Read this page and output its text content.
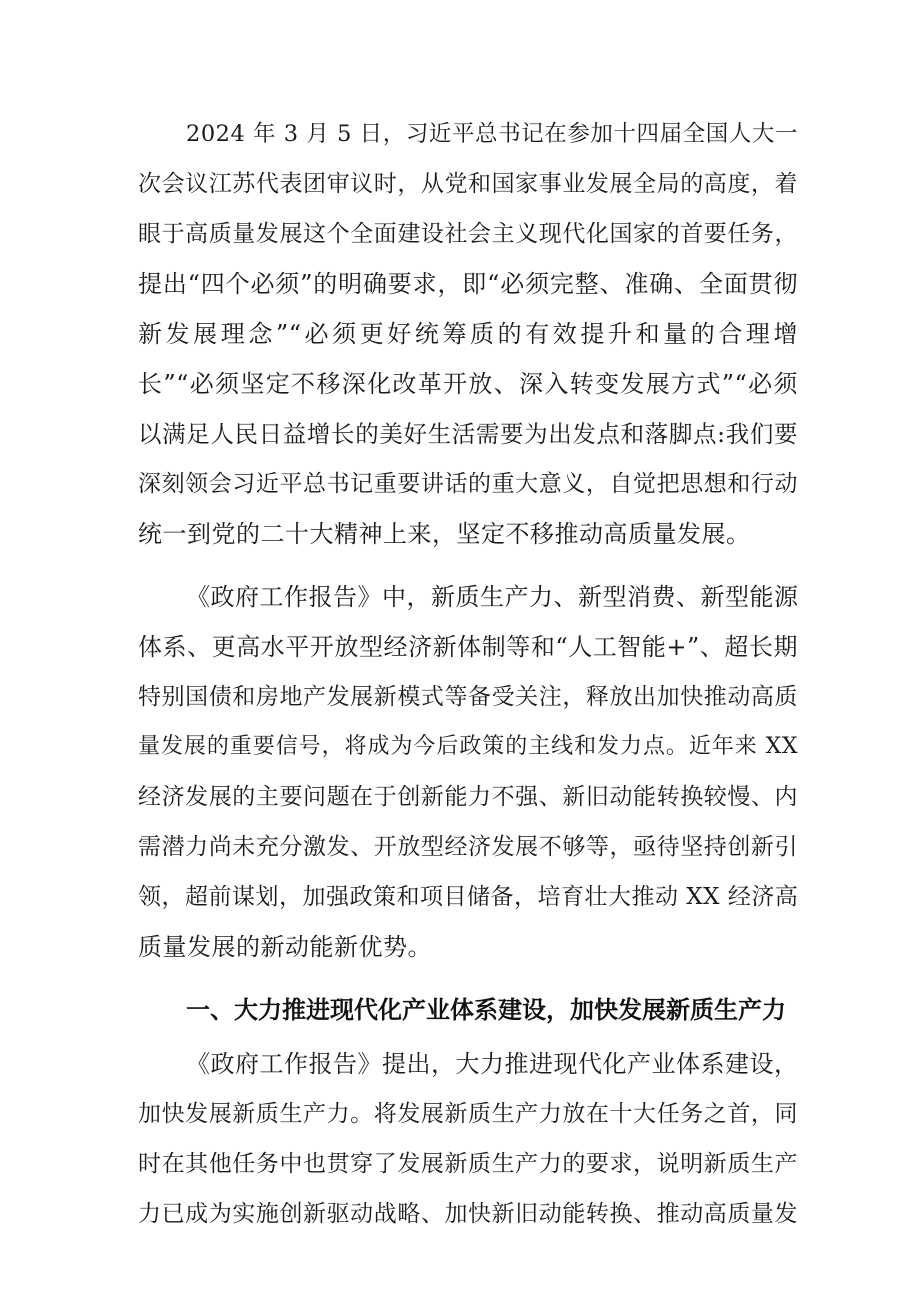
2024 年 3 月 5 日，习近平总书记在参加十四届全国人大一
次会议江苏代表团审议时，从党和国家事业发展全局的高度，着
眼于高质量发展这个全面建设社会主义现代化国家的首要任务，
提出“四个必须”的明确要求，即“必须完整、准确、全面贯彻
新发展理念”“必须更好统筹质的有效提升和量的合理增
长”“必须坚定不移深化改革开放、深入转变发展方式”“必须
以满足人民日益增长的美好生活需要为出发点和落脚点:我们要
深刻领会习近平总书记重要讲话的重大意义，自觉把思想和行动
统一到党的二十大精神上来，坚定不移推动高质量发展。
《政府工作报告》中，新质生产力、新型消费、新型能源
体系、更高水平开放型经济新体制等和“人工智能+”、超长期
特别国债和房地产发展新模式等备受关注，释放出加快推动高质
量发展的重要信号，将成为今后政策的主线和发力点。近年来 XX
经济发展的主要问题在于创新能力不强、新旧动能转换较慢、内
需潜力尚未充分激发、开放型经济发展不够等，亟待坚持创新引
领，超前谋划，加强政策和项目储备，培育壮大推动 XX 经济高
质量发展的新动能新优势。
一、大力推进现代化产业体系建设，加快发展新质生产力
《政府工作报告》提出，大力推进现代化产业体系建设，
加快发展新质生产力。将发展新质生产力放在十大任务之首，同
时在其他任务中也贯穿了发展新质生产力的要求，说明新质生产
力已成为实施创新驱动战略、加快新旧动能转换、推动高质量发
